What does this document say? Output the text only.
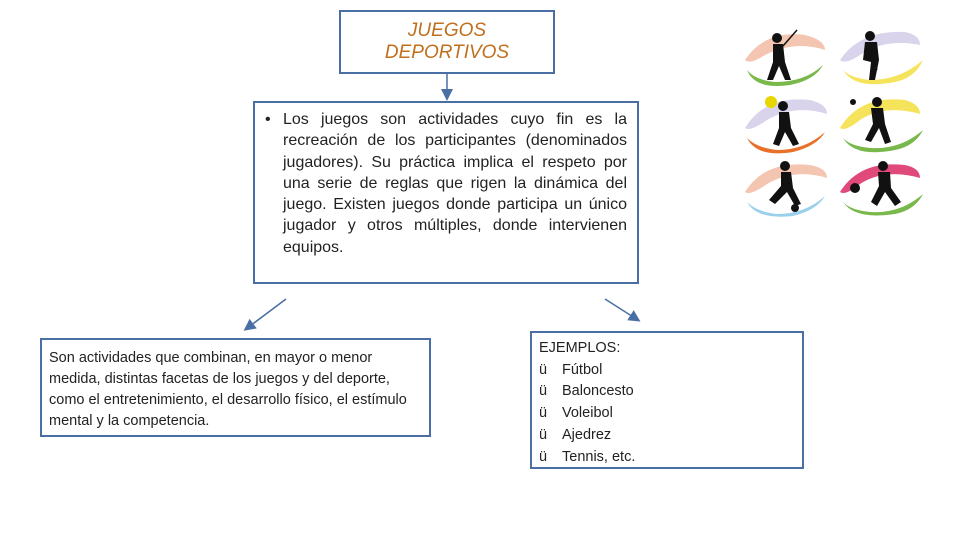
JUEGOS
DEPORTIVOS
• Los juegos son actividades cuyo fin es la recreación de los participantes (denominados jugadores). Su práctica implica el respeto por una serie de reglas que rigen la dinámica del juego. Existen juegos donde participa un único jugador y otros múltiples, donde intervienen equipos.
Son actividades que combinan, en mayor o menor medida, distintas facetas de los juegos y del deporte, como el entretenimiento, el desarrollo físico, el estímulo mental y la competencia.
EJEMPLOS:
ü	Fútbol
ü	Baloncesto
ü	Voleibol
ü	Ajedrez
ü	Tennis, etc.
